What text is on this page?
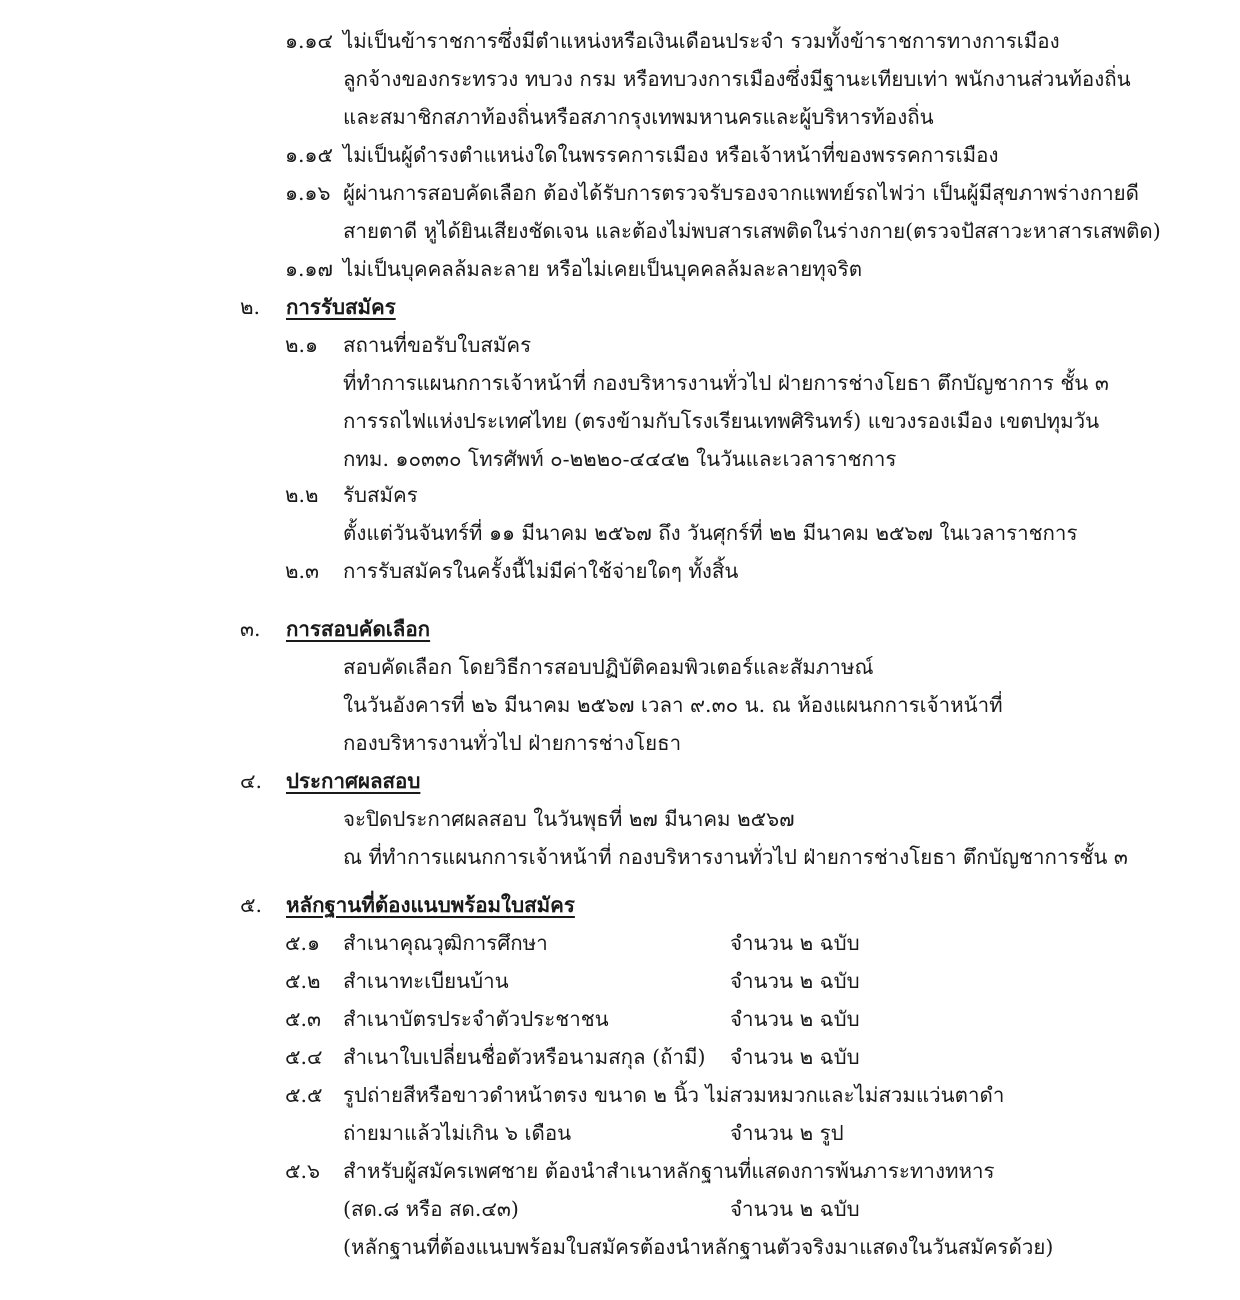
๑.๑๔ ไม่เป็นข้าราชการซึ่งมีตำแหน่งหรือเงินเดือนประจำ รวมทั้งข้าราชการทางการเมือง
ลูกจ้างของกระทรวง ทบวง กรม หรือทบวงการเมืองซึ่งมีฐานะเทียบเท่า พนักงานส่วนท้องถิ่น
และสมาชิกสภาท้องถิ่นหรือสภากรุงเทพมหานครและผู้บริหารท้องถิ่น
๑.๑๕ ไม่เป็นผู้ดำรงตำแหน่งใดในพรรคการเมือง หรือเจ้าหน้าที่ของพรรคการเมือง
๑.๑๖ ผู้ผ่านการสอบคัดเลือก ต้องได้รับการตรวจรับรองจากแพทย์รถไฟว่า เป็นผู้มีสุขภาพร่างกายดี
สายตาดี หูได้ยินเสียงชัดเจน และต้องไม่พบสารเสพติดในร่างกาย(ตรวจปัสสาวะหาสารเสพติด)
๑.๑๗ ไม่เป็นบุคคลล้มละลาย หรือไม่เคยเป็นบุคคลล้มละลายทุจริต
๒. การรับสมัคร
๒.๑ สถานที่ขอรับใบสมัคร
ที่ทำการแผนกการเจ้าหน้าที่ กองบริหารงานทั่วไป ฝ่ายการช่างโยธา ตึกบัญชาการ ชั้น ๓
การรถไฟแห่งประเทศไทย (ตรงข้ามกับโรงเรียนเทพศิรินทร์) แขวงรองเมือง เขตปทุมวัน
กทม. ๑๐๓๓๐ โทรศัพท์ ๐-๒๒๒๐-๔๔๔๒ ในวันและเวลาราชการ
๒.๒ รับสมัคร
ตั้งแต่วันจันทร์ที่ ๑๑ มีนาคม ๒๕๖๗ ถึง วันศุกร์ที่ ๒๒ มีนาคม ๒๕๖๗ ในเวลาราชการ
๒.๓ การรับสมัครในครั้งนี้ไม่มีค่าใช้จ่ายใดๆ ทั้งสิ้น
๓. การสอบคัดเลือก
สอบคัดเลือก โดยวิธีการสอบปฏิบัติคอมพิวเตอร์และสัมภาษณ์
ในวันอังคารที่ ๒๖ มีนาคม ๒๕๖๗ เวลา ๙.๓๐ น. ณ ห้องแผนกการเจ้าหน้าที่
กองบริหารงานทั่วไป ฝ่ายการช่างโยธา
๔. ประกาศผลสอบ
จะปิดประกาศผลสอบ ในวันพุธที่ ๒๗ มีนาคม ๒๕๖๗
ณ ที่ทำการแผนกการเจ้าหน้าที่ กองบริหารงานทั่วไป ฝ่ายการช่างโยธา ตึกบัญชาการชั้น ๓
๕. หลักฐานที่ต้องแนบพร้อมใบสมัคร
๕.๑ สำเนาคุณวุฒิการศึกษา	จำนวน ๒ ฉบับ
๕.๒ สำเนาทะเบียนบ้าน	จำนวน ๒ ฉบับ
๕.๓ สำเนาบัตรประจำตัวประชาชน	จำนวน ๒ ฉบับ
๕.๔ สำเนาใบเปลี่ยนชื่อตัวหรือนามสกุล (ถ้ามี) จำนวน ๒ ฉบับ
๕.๕ รูปถ่ายสีหรือขาวดำหน้าตรง ขนาด ๒ นิ้ว ไม่สวมหมวกและไม่สวมแว่นตาดำ
ถ่ายมาแล้วไม่เกิน ๖ เดือน	จำนวน ๒ รูป
๕.๖ สำหรับผู้สมัครเพศชาย ต้องนำสำเนาหลักฐานที่แสดงการพ้นภาระทางทหาร
(สด.๘ หรือ สด.๔๓)	จำนวน ๒ ฉบับ
(หลักฐานที่ต้องแนบพร้อมใบสมัครต้องนำหลักฐานตัวจริงมาแสดงในวันสมัครด้วย)
